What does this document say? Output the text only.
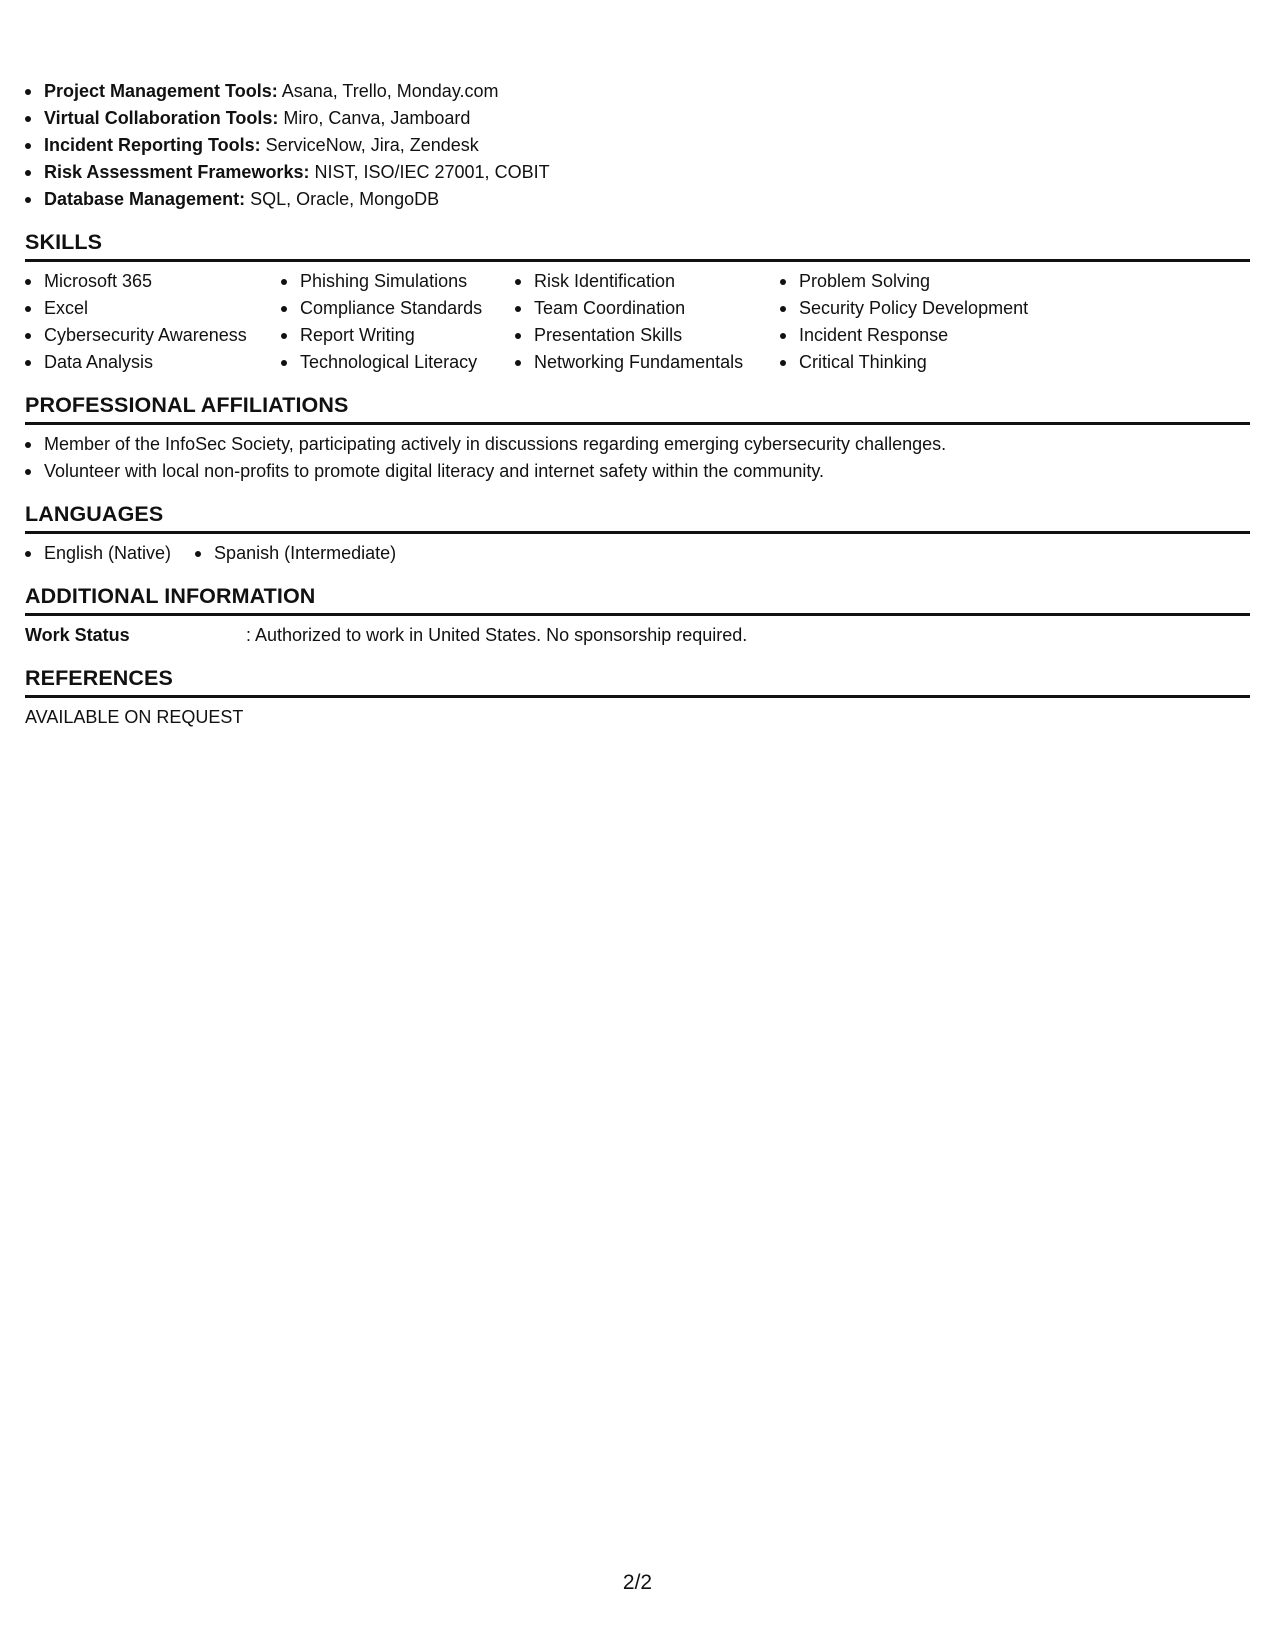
Project Management Tools: Asana, Trello, Monday.com
Virtual Collaboration Tools: Miro, Canva, Jamboard
Incident Reporting Tools: ServiceNow, Jira, Zendesk
Risk Assessment Frameworks: NIST, ISO/IEC 27001, COBIT
Database Management: SQL, Oracle, MongoDB
SKILLS
Microsoft 365
Excel
Cybersecurity Awareness
Data Analysis
Phishing Simulations
Compliance Standards
Report Writing
Technological Literacy
Risk Identification
Team Coordination
Presentation Skills
Networking Fundamentals
Problem Solving
Security Policy Development
Incident Response
Critical Thinking
PROFESSIONAL AFFILIATIONS
Member of the InfoSec Society, participating actively in discussions regarding emerging cybersecurity challenges.
Volunteer with local non-profits to promote digital literacy and internet safety within the community.
LANGUAGES
English (Native)	Spanish (Intermediate)
ADDITIONAL INFORMATION
Work Status	: Authorized to work in United States. No sponsorship required.
REFERENCES
AVAILABLE ON REQUEST
2/2
